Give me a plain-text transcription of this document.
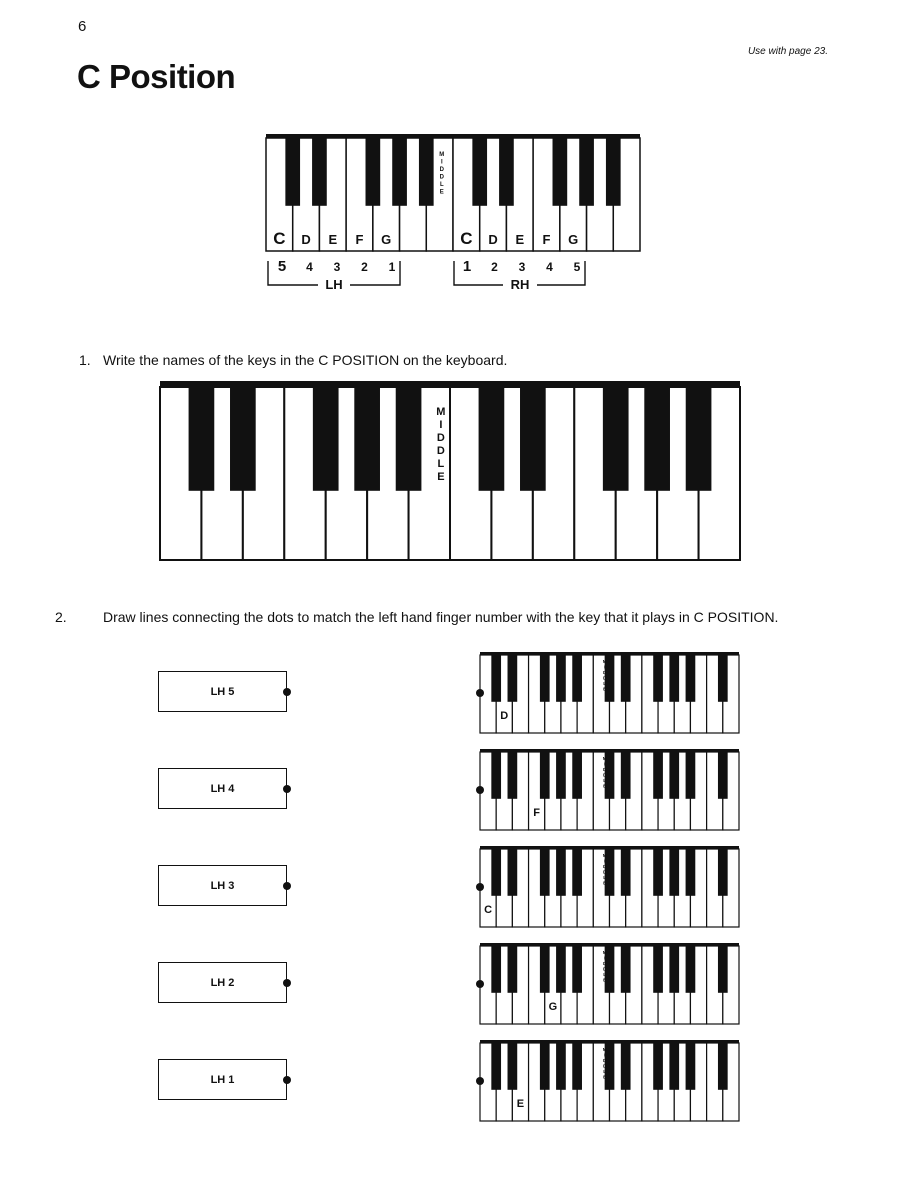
6
Use with page 23.
C Position
1. Write the names of the keys in the C POSITION on the keyboard.
2.	Draw lines connecting the dots to match the left hand finger number with the key that it plays in C POSITION.
LH 5
LH 4
LH 3
LH 2
LH 1
M
I
D
D
L
E
C D E F G	C D E F G
5 4 3 2 1	1 2 3 4 5
LH	RH
M
I
D
D
L
E
M
I
D
D
L
E
D
M
I
D
D
L
E
F
M
I
D
D
L
E
C
M
I
D
D
L
E
G
M
I
D
D
L
E
E
